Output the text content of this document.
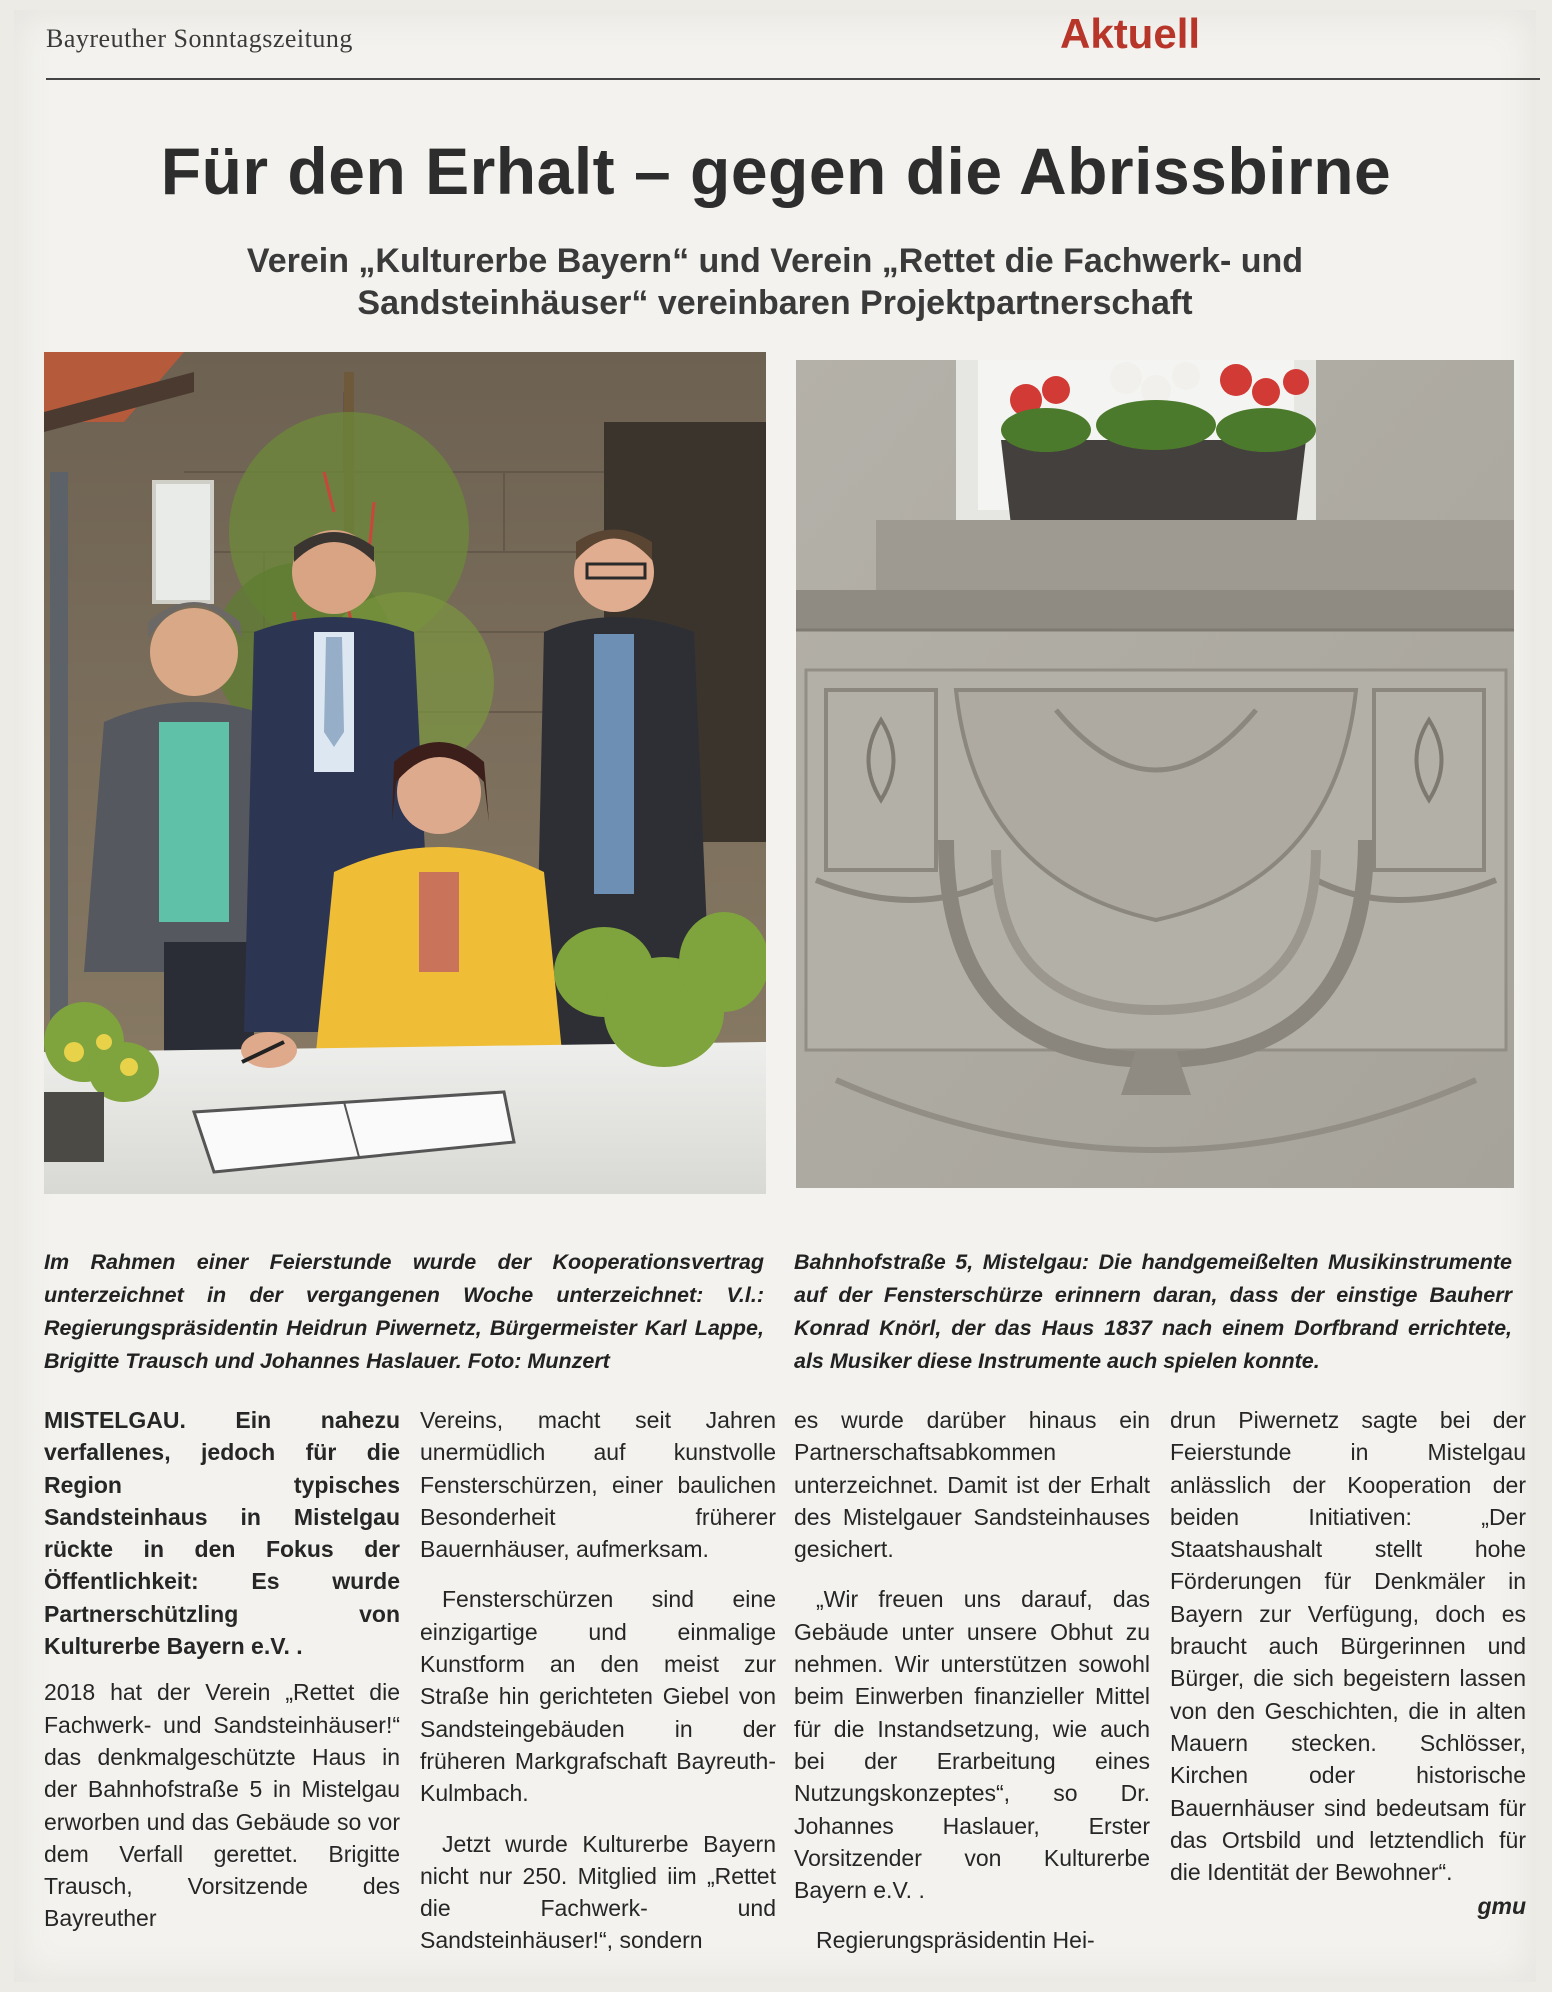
Bayreuther Sonntagszeitung	Aktuell
Für den Erhalt – gegen die Abrissbirne

Verein „Kulturerbe Bayern“ und Verein „Rettet die Fachwerk- und Sandsteinhäuser“ vereinbaren Projektpartnerschaft

Im Rahmen einer Feierstunde wurde der Kooperationsvertrag unterzeichnet in der vergangenen Woche unterzeichnet: V.l.: Regierungspräsidentin Heidrun Piwernetz, Bürgermeister Karl Lappe, Brigitte Trausch und Johannes Haslauer. Foto: Munzert

Bahnhofstraße 5, Mistelgau: Die handgemeißelten Musikinstrumente auf der Fensterschürze erinnern daran, dass der einstige Bauherr Konrad Knörl, der das Haus 1837 nach einem Dorfbrand errichtete, als Musiker diese Instrumente auch spielen konnte.

MISTELGAU. Ein nahezu verfallenes, jedoch für die Region typisches Sandsteinhaus in Mistelgau rückte in den Fokus der Öffentlichkeit: Es wurde Partnerschützling von Kulturerbe Bayern e.V. .

2018 hat der Verein „Rettet die Fachwerk- und Sandsteinhäuser!“ das denkmalgeschützte Haus in der Bahnhofstraße 5 in Mistelgau erworben und das Gebäude so vor dem Verfall gerettet. Brigitte Trausch, Vorsitzende des Bayreuther

Vereins, macht seit Jahren unermüdlich auf kunstvolle Fensterschürzen, einer baulichen Besonderheit früherer Bauernhäuser, aufmerksam.

Fensterschürzen sind eine einzigartige und einmalige Kunstform an den meist zur Straße hin gerichteten Giebel von Sandsteingebäuden in der früheren Markgrafschaft Bayreuth-Kulmbach.

Jetzt wurde Kulturerbe Bayern nicht nur 250. Mitglied iim „Rettet die Fachwerk- und Sandsteinhäuser!“, sondern

es wurde darüber hinaus ein Partnerschaftsabkommen unterzeichnet. Damit ist der Erhalt des Mistelgauer Sandsteinhauses gesichert.

„Wir freuen uns darauf, das Gebäude unter unsere Obhut zu nehmen. Wir unterstützen sowohl beim Einwerben finanzieller Mittel für die Instandsetzung, wie auch bei der Erarbeitung eines Nutzungskonzeptes“, so Dr. Johannes Haslauer, Erster Vorsitzender von Kulturerbe Bayern e.V. .

Regierungspräsidentin Hei-

drun Piwernetz sagte bei der Feierstunde in Mistelgau anlässlich der Kooperation der beiden Initiativen: „Der Staatshaushalt stellt hohe Förderungen für Denkmäler in Bayern zur Verfügung, doch es braucht auch Bürgerinnen und Bürger, die sich begeistern lassen von den Geschichten, die in alten Mauern stecken. Schlösser, Kirchen oder historische Bauernhäuser sind bedeutsam für das Ortsbild und letztendlich für die Identität der Bewohner“.

gmu
